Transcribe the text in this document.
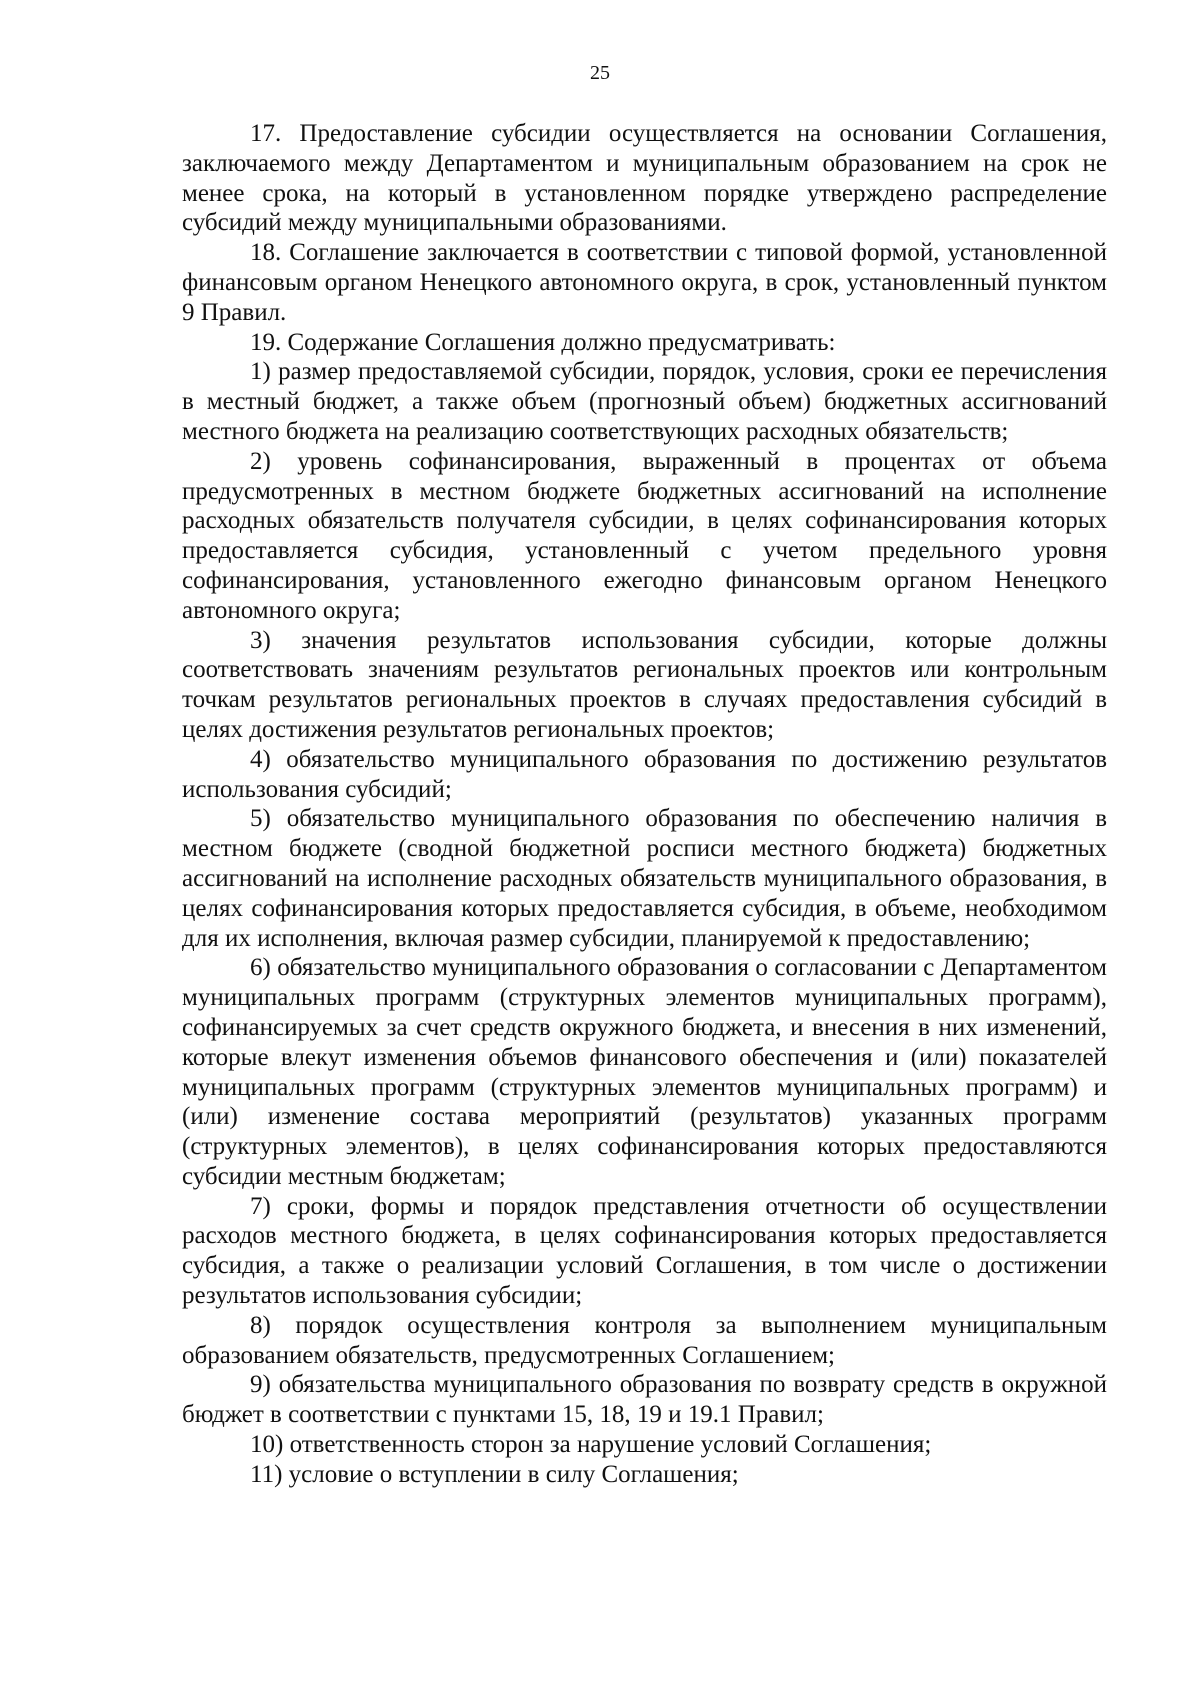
25

17. Предоставление субсидии осуществляется на основании Соглашения, заключаемого между Департаментом и муниципальным образованием на срок не менее срока, на который в установленном порядке утверждено распределение субсидий между муниципальными образованиями.

18. Соглашение заключается в соответствии с типовой формой, установленной финансовым органом Ненецкого автономного округа, в срок, установленный пунктом 9 Правил.

19. Содержание Соглашения должно предусматривать:

1) размер предоставляемой субсидии, порядок, условия, сроки ее перечисления в местный бюджет, а также объем (прогнозный объем) бюджетных ассигнований местного бюджета на реализацию соответствующих расходных обязательств;

2) уровень софинансирования, выраженный в процентах от объема предусмотренных в местном бюджете бюджетных ассигнований на исполнение расходных обязательств получателя субсидии, в целях софинансирования которых предоставляется субсидия, установленный с учетом предельного уровня софинансирования, установленного ежегодно финансовым органом Ненецкого автономного округа;

3) значения результатов использования субсидии, которые должны соответствовать значениям результатов региональных проектов или контрольным точкам результатов региональных проектов в случаях предоставления субсидий в целях достижения результатов региональных проектов;

4) обязательство муниципального образования по достижению результатов использования субсидий;

5) обязательство муниципального образования по обеспечению наличия в местном бюджете (сводной бюджетной росписи местного бюджета) бюджетных ассигнований на исполнение расходных обязательств муниципального образования, в целях софинансирования которых предоставляется субсидия, в объеме, необходимом для их исполнения, включая размер субсидии, планируемой к предоставлению;

6) обязательство муниципального образования о согласовании с Департаментом муниципальных программ (структурных элементов муниципальных программ), софинансируемых за счет средств окружного бюджета, и внесения в них изменений, которые влекут изменения объемов финансового обеспечения и (или) показателей муниципальных программ (структурных элементов муниципальных программ) и (или) изменение состава мероприятий (результатов) указанных программ (структурных элементов), в целях софинансирования которых предоставляются субсидии местным бюджетам;

7) сроки, формы и порядок представления отчетности об осуществлении расходов местного бюджета, в целях софинансирования которых предоставляется субсидия, а также о реализации условий Соглашения, в том числе о достижении результатов использования субсидии;

8) порядок осуществления контроля за выполнением муниципальным образованием обязательств, предусмотренных Соглашением;

9) обязательства муниципального образования по возврату средств в окружной бюджет в соответствии с пунктами 15, 18, 19 и 19.1 Правил;

10) ответственность сторон за нарушение условий Соглашения;

11) условие о вступлении в силу Соглашения;
